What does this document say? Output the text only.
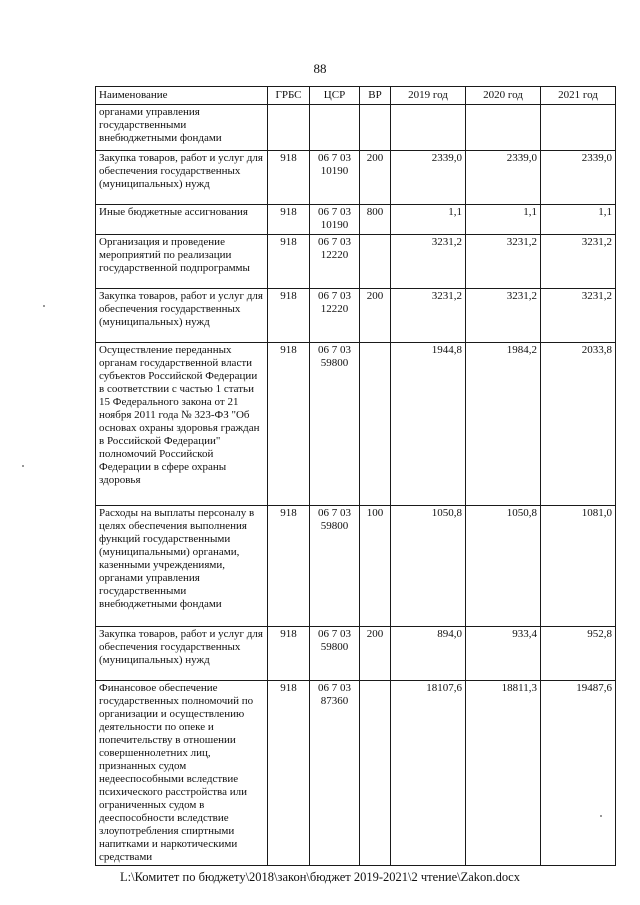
88
Наименование	ГРБС	ЦСР	ВР	2019 год	2020 год	2021 год
органами управления государственными внебюджетными фондами						
Закупка товаров, работ и услуг для обеспечения государственных (муниципальных) нужд	918	06 7 03 10190	200	2339,0	2339,0	2339,0
Иные бюджетные ассигнования	918	06 7 03 10190	800	1,1	1,1	1,1
Организация и проведение мероприятий по реализации государственной подпрограммы	918	06 7 03 12220		3231,2	3231,2	3231,2
Закупка товаров, работ и услуг для обеспечения государственных (муниципальных) нужд	918	06 7 03 12220	200	3231,2	3231,2	3231,2
Осуществление переданных органам государственной власти субъектов Российской Федерации в соответствии с частью 1 статьи 15 Федерального закона от 21 ноября 2011 года № 323-ФЗ "Об основах охраны здоровья граждан в Российской Федерации" полномочий Российской Федерации в сфере охраны здоровья	918	06 7 03 59800		1944,8	1984,2	2033,8
Расходы на выплаты персоналу в целях обеспечения выполнения функций государственными (муниципальными) органами, казенными учреждениями, органами управления государственными внебюджетными фондами	918	06 7 03 59800	100	1050,8	1050,8	1081,0
Закупка товаров, работ и услуг для обеспечения государственных (муниципальных) нужд	918	06 7 03 59800	200	894,0	933,4	952,8
Финансовое обеспечение государственных полномочий по организации и осуществлению деятельности по опеке и попечительству в отношении совершеннолетних лиц, признанных судом недееспособными вследствие психического расстройства или ограниченных судом в дееспособности вследствие злоупотребления спиртными напитками и наркотическими средствами	918	06 7 03 87360		18107,6	18811,3	19487,6
L:\Комитет по бюджету\2018\закон\бюджет 2019-2021\2 чтение\Zakon.docx
